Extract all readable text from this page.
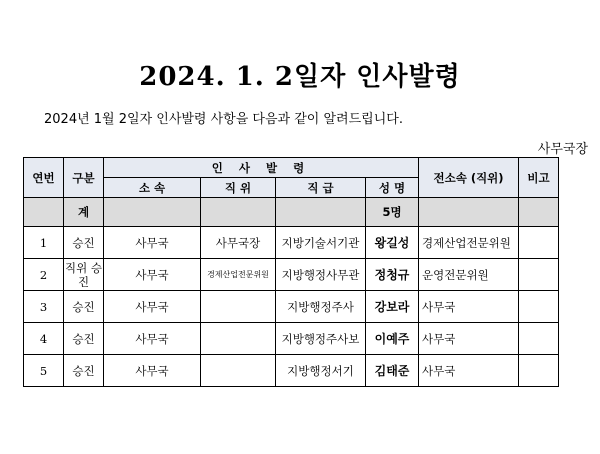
2024. 1. 2일자 인사발령
2024년 1월 2일자 인사발령 사항을 다음과 같이 알려드립니다.
사무국장
연번	구분	인 사 발 령				전소속 (직위)	비고
		소 속	직 위	직 급	성 명		
	계				5명		
1	승진	사무국	사무국장	지방기술서기관	왕길성	경제산업전문위원	
2	직위 승진	사무국	경제산업전문위원	지방행정사무관	정청규	운영전문위원	
3	승진	사무국		지방행정주사	강보라	사무국	
4	승진	사무국		지방행정주사보	이예주	사무국	
5	승진	사무국		지방행정서기	김태준	사무국	
